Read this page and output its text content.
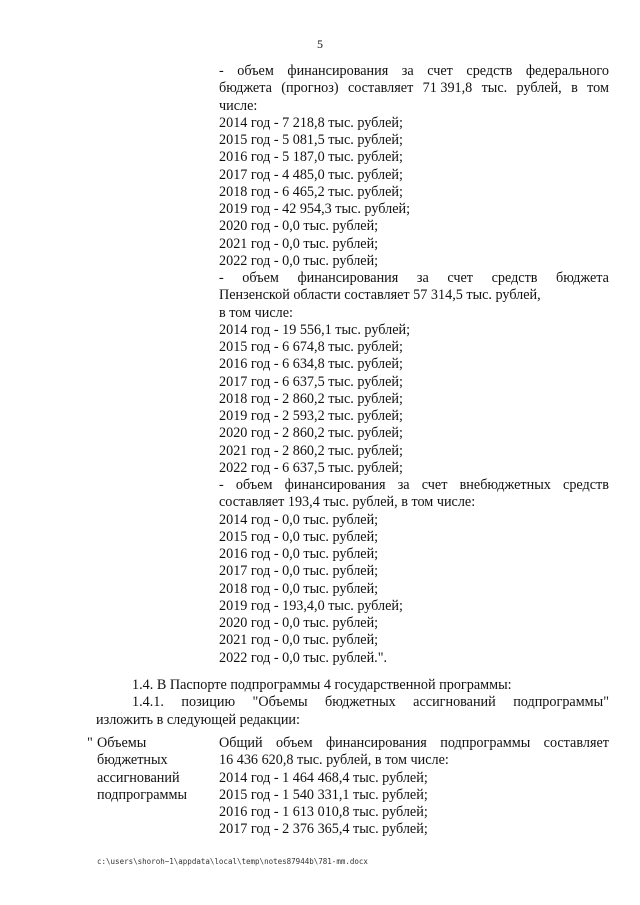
5
- объем финансирования за счет средств федерального
бюджета (прогноз) составляет 71 391,8 тыс. рублей, в том
числе:
2014 год - 7 218,8 тыс. рублей;
2015 год - 5 081,5 тыс. рублей;
2016 год - 5 187,0 тыс. рублей;
2017 год - 4 485,0 тыс. рублей;
2018 год - 6 465,2 тыс. рублей;
2019 год - 42 954,3 тыс. рублей;
2020 год - 0,0 тыс. рублей;
2021 год - 0,0 тыс. рублей;
2022 год - 0,0 тыс. рублей;
- объем финансирования за счет средств бюджета
Пензенской области составляет 57 314,5 тыс. рублей,
в том числе:
2014 год - 19 556,1 тыс. рублей;
2015 год - 6 674,8 тыс. рублей;
2016 год - 6 634,8 тыс. рублей;
2017 год - 6 637,5 тыс. рублей;
2018 год - 2 860,2 тыс. рублей;
2019 год - 2 593,2 тыс. рублей;
2020 год - 2 860,2 тыс. рублей;
2021 год - 2 860,2 тыс. рублей;
2022 год - 6 637,5 тыс. рублей;
- объем финансирования за счет внебюджетных средств
составляет 193,4 тыс. рублей, в том числе:
2014 год - 0,0 тыс. рублей;
2015 год - 0,0 тыс. рублей;
2016 год - 0,0 тыс. рублей;
2017 год - 0,0 тыс. рублей;
2018 год - 0,0 тыс. рублей;
2019 год - 193,4,0 тыс. рублей;
2020 год - 0,0 тыс. рублей;
2021 год - 0,0 тыс. рублей;
2022 год - 0,0 тыс. рублей.".
1.4. В Паспорте подпрограммы 4 государственной программы:
1.4.1. позицию "Объемы бюджетных ассигнований подпрограммы"
изложить в следующей редакции:
" Объемы
бюджетных
ассигнований
подпрограммы
Общий объем финансирования подпрограммы составляет
16 436 620,8 тыс. рублей, в том числе:
2014 год - 1 464 468,4 тыс. рублей;
2015 год - 1 540 331,1 тыс. рублей;
2016 год - 1 613 010,8 тыс. рублей;
2017 год - 2 376 365,4 тыс. рублей;
c:\users\shoroh~1\appdata\local\temp\notes87944b\781-mm.docx
